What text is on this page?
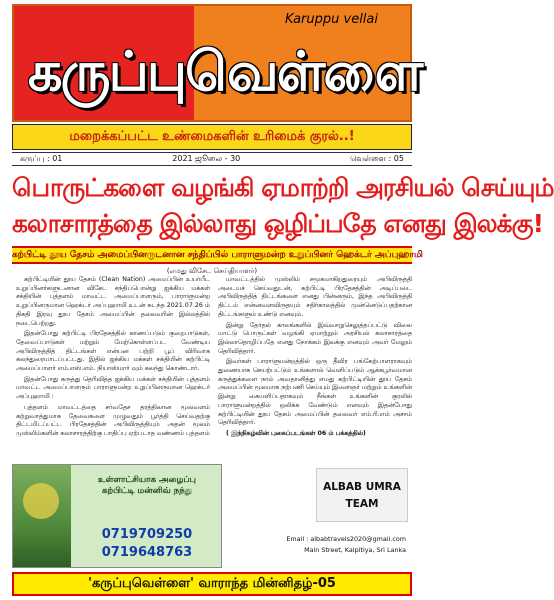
கருப்புவெள்ளை
Karuppu vellai
மறைக்கப்பட்ட உண்மைகளின் உரிமைக் குரல்..!
கருப்பு : 01	2021 ஜூலை - 30	வெள்ளை : 05
பொருட்களை வழங்கி ஏமாற்றி அரசியல் செய்யும்
கலாசாரத்தை இல்லாது ஒழிப்பதே எனது இலக்கு!
கற்பிட்டி தூய தேசம் அமைப்பினருடனான சந்திப்பில் பாராளுமன்ற உறுப்பினர் ஹெக்டர் அப்புஹாமி
(எமது விசேட செய்தியாளர்)

கற்பிட்டியின் தூய தேசம் (Clean Nation) அமைப்பின் உயர்பீட உறுப்பினர்களுடனான விசேட சந்திப்பொன்று ஐக்கிய மக்கள் சக்தியின் புத்தளம் மாவட்ட அமைப்பாளரும், பாராளுமன்ற உறுப்பினருமான ஹெக்டர் அப்புஹாமி உடன் கடந்த 2021.07.26 ம் திகதி இரவு தூய தேசம் அமைப்பின் தலைவரின் இல்லத்தில் நடைபெற்றது.

இதன்போது கற்பிட்டி பிரதேசத்தில் காணப்படும் குறைபாடுகள், தேவைப்பாடுகள் மற்றும் மேற்கொள்ளப்பட வேண்டிய அபிவிருத்தித் திட்டங்கள் என்பன பற்றி பூப் விரிவாக கலந்துரையாடப்பட்டது. இதில் ஐக்கிய மக்கள் சக்தியின் கற்பிட்டி அமைப்பாளர் எம்.எஸ்.எம். நியாஸ்மார் வும் கலந்து கொண்டார்.

இதன்போது கருத்து தெரிவித்த ஐக்கிய மக்கள் சக்தியின் புத்தளம் மாவட்ட அமைப்பாளரும் பாராளுமன்ற உறுப்பினருமான ஹெக்டர் அப்புஹாமி :

புத்தளம் மாவட்டத்தை சர்வதேச தரத்திலான மூலவளம் கற்றுவாத்துமாக தேவைகளை முழுவதும் பூர்த்தி செய்வதற்கு திட்டமிடப்பட்ட பிரதேசத்தின் அபிவிருத்தியும் அதன் மூலம் முஸ்லிம்களின் கலாசாரத்திற்கு பாதிப்பு ஏற்படாத வண்ணம் புத்தளம்

மாவட்டத்தில் முஸ்லிம் சமூகமாகிறதுரையும் அபிவிருத்தி அடையச் செய்வதுடன், கற்பிட்டி பிரதேசத்தின் அடிப்படை அபிவிருத்தித் திட்டங்களை எனது பின்னரும், இந்த அபிவிருத்தி திட்டம் என்னவளவிருதயும் சதிர்காலத்தில் முன்னெடுப்பதற்கான திட்டங்களும் உண்டு எனவும்.

இன்று தேர்தல் காலங்களில் இவ்வாறுசெலுத்தப்பட்டு விலை மாட்டு பொருட்கள் வழங்கி ஏமாற்றும் அரசியல் கலாசாரத்தை இல்லாதொழிப்பதே எனது நோக்கம் இலக்கு எனவும் அவர் மேலும் தெரிவித்தார்.

இவர்கள் பாராளுமன்றத்தில் ஒரு தீவிர பங்கேற்பாளராகவும் துணையாக செயற்பட்டும் உங்களால் வெளிப்படும் ஆக்கபூர்வமான கருத்துக்களை நாம் அவதானித்து எமது கற்பிட்டியின் தூய தேசம் அமைப்பின் மூலமாக நற்பணி செய்யும் இளைஞர் மற்றும் உங்களின் இன்று கையளிப்பதாகவும் நீங்கள் உங்களின் குரலில் பாராளுமன்றத்தில் ஒலிக்க வேண்டும் எனவும் இதன்போது கற்பிட்டியின் தூய தேசம் அமைப்பின் தலைவர் எம்.ரி.எம் அசாம் தெரிவித்தார்.

( இந்நிகழ்வின் புகைப்படங்கள் 06 ம் பக்கத்தில்)

உள்ளாட்சியாக அழைப்பு
கற்பிட்டி மன்னிவ் நந்து
0719709250
0719648763
ALBAB UMRA
TEAM
Email : albabtravels2020@gmail.com
Main Street, Kalpitiya, Sri Lanka
'கருப்புவெள்ளை' வாராந்த மின்னிதழ்-05
